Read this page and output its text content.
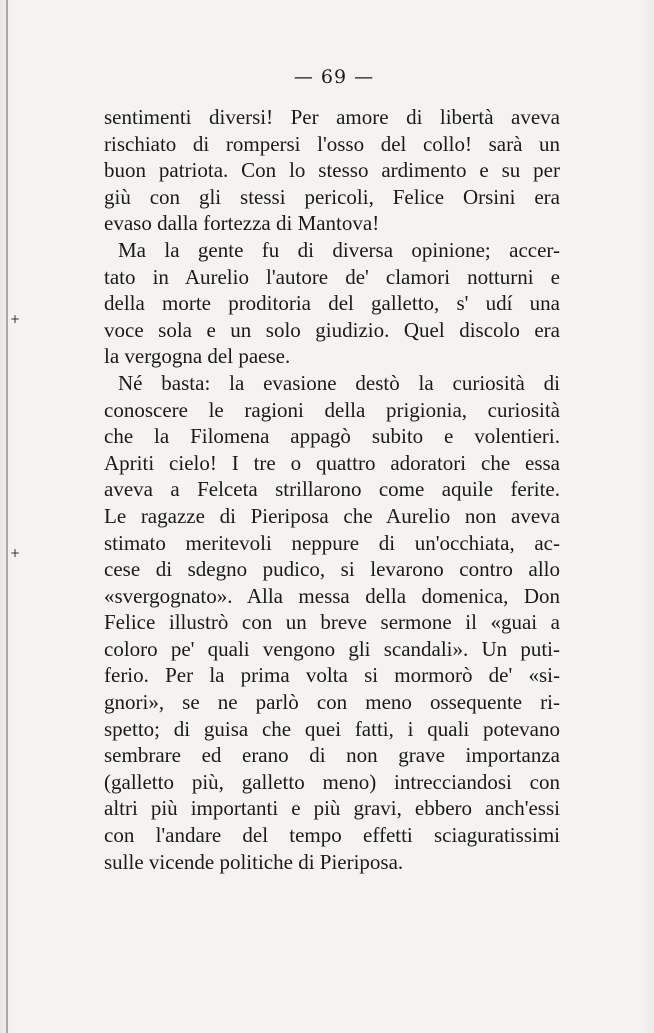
— 69 —
sentimenti diversi! Per amore di libertà aveva
rischiato di rompersi l'osso del collo! sarà un
buon patriota. Con lo stesso ardimento e su per
giù con gli stessi pericoli, Felice Orsini era
evaso dalla fortezza di Mantova!
Ma la gente fu di diversa opinione; accer-
tato in Aurelio l'autore de' clamori notturni e
della morte proditoria del galletto, s' udí una
voce sola e un solo giudizio. Quel discolo era
la vergogna del paese.
Né basta: la evasione destò la curiosità di
conoscere le ragioni della prigionia, curiosità
che la Filomena appagò subito e volentieri.
Apriti cielo! I tre o quattro adoratori che essa
aveva a Felceta strillarono come aquile ferite.
Le ragazze di Pieriposa che Aurelio non aveva
stimato meritevoli neppure di un'occhiata, ac-
cese di sdegno pudico, si levarono contro allo
«svergognato». Alla messa della domenica, Don
Felice illustrò con un breve sermone il «guai a
coloro pe' quali vengono gli scandali». Un puti-
ferio. Per la prima volta si mormorò de' «si-
gnori», se ne parlò con meno ossequente ri-
spetto; di guisa che quei fatti, i quali potevano
sembrare ed erano di non grave importanza
(galletto più, galletto meno) intrecciandosi con
altri più importanti e più gravi, ebbero anch'essi
con l'andare del tempo effetti sciaguratissimi
sulle vicende politiche di Pieriposa.
+
+
